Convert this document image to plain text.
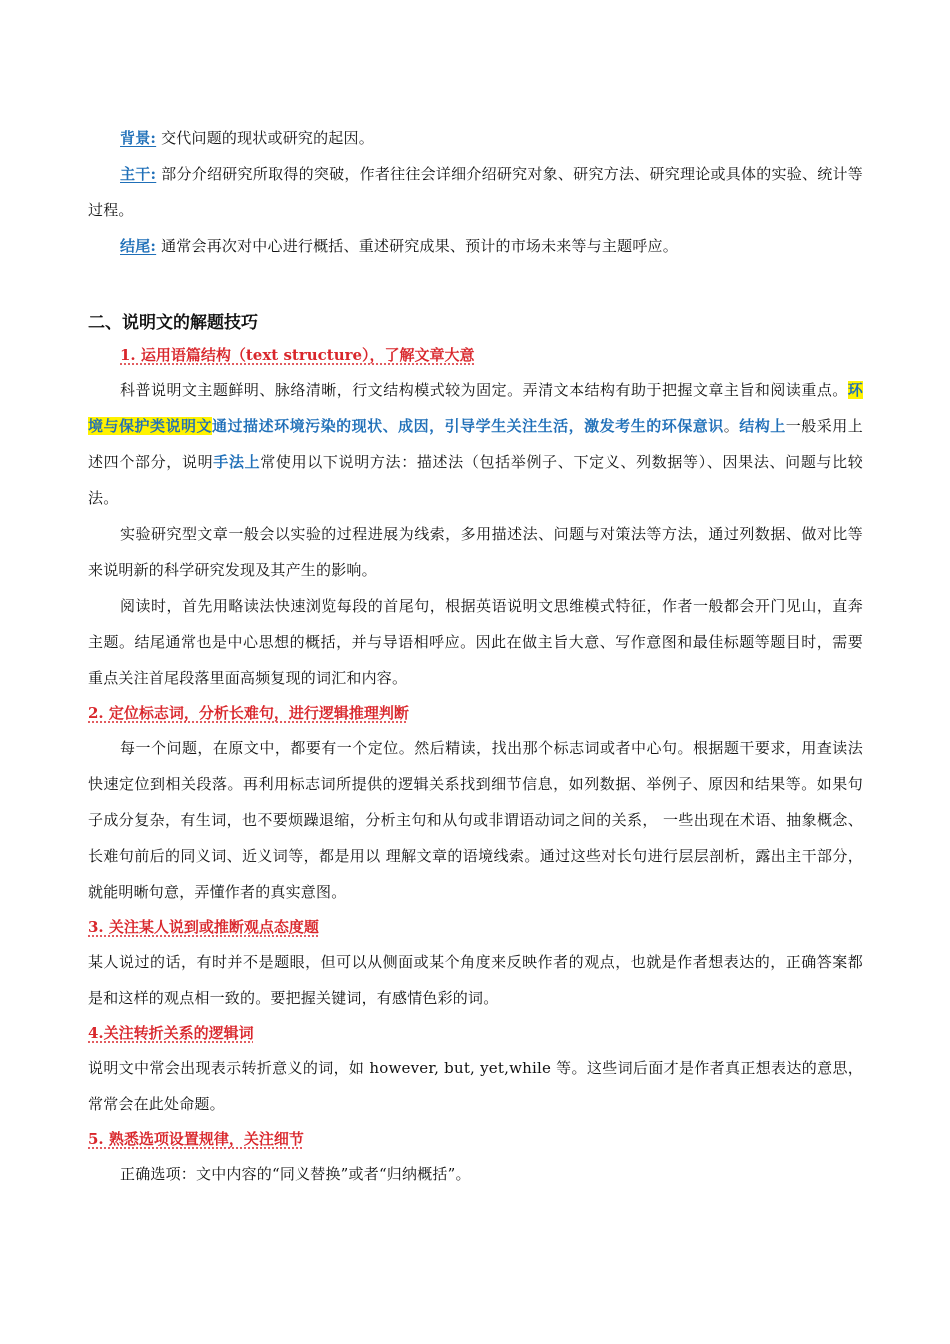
背景: 交代问题的现状或研究的起因。

主干: 部分介绍研究所取得的突破，作者往往会详细介绍研究对象、研究方法、研究理论或具体的实验、统计等过程。

结尾: 通常会再次对中心进行概括、重述研究成果、预计的市场未来等与主题呼应。

二、说明文的解题技巧
1. 运用语篇结构（text structure），了解文章大意

科普说明文主题鲜明、脉络清晰，行文结构模式较为固定。弄清文本结构有助于把握文章主旨和阅读重点。环境与保护类说明文通过描述环境污染的现状、成因，引导学生关注生活，激发考生的环保意识。结构上一般采用上述四个部分，说明手法上常使用以下说明方法：描述法（包括举例子、下定义、列数据等）、因果法、问题与比较法。

实验研究型文章一般会以实验的过程进展为线索，多用描述法、问题与对策法等方法，通过列数据、做对比等来说明新的科学研究发现及其产生的影响。

阅读时，首先用略读法快速浏览每段的首尾句，根据英语说明文思维模式特征，作者一般都会开门见山，直奔主题。结尾通常也是中心思想的概括，并与导语相呼应。因此在做主旨大意、写作意图和最佳标题等题目时，需要重点关注首尾段落里面高频复现的词汇和内容。

2. 定位标志词，分析长难句，进行逻辑推理判断

每一个问题，在原文中，都要有一个定位。然后精读，找出那个标志词或者中心句。根据题干要求，用查读法快速定位到相关段落。再利用标志词所提供的逻辑关系找到细节信息，如列数据、举例子、原因和结果等。如果句子成分复杂，有生词，也不要烦躁退缩，分析主句和从句或非谓语动词之间的关系， 一些出现在术语、抽象概念、长难句前后的同义词、近义词等，都是用以 理解文章的语境线索。通过这些对长句进行层层剖析，露出主干部分，就能明晰句意，弄懂作者的真实意图。

3. 关注某人说到或推断观点态度题

某人说过的话，有时并不是题眼，但可以从侧面或某个角度来反映作者的观点，也就是作者想表达的，正确答案都是和这样的观点相一致的。要把握关键词，有感情色彩的词。

4.关注转折关系的逻辑词

说明文中常会出现表示转折意义的词，如 however, but, yet,while 等。这些词后面才是作者真正想表达的意思，常常会在此处命题。

5. 熟悉选项设置规律，关注细节

正确选项：文中内容的“同义替换”或者“归纳概括”。
